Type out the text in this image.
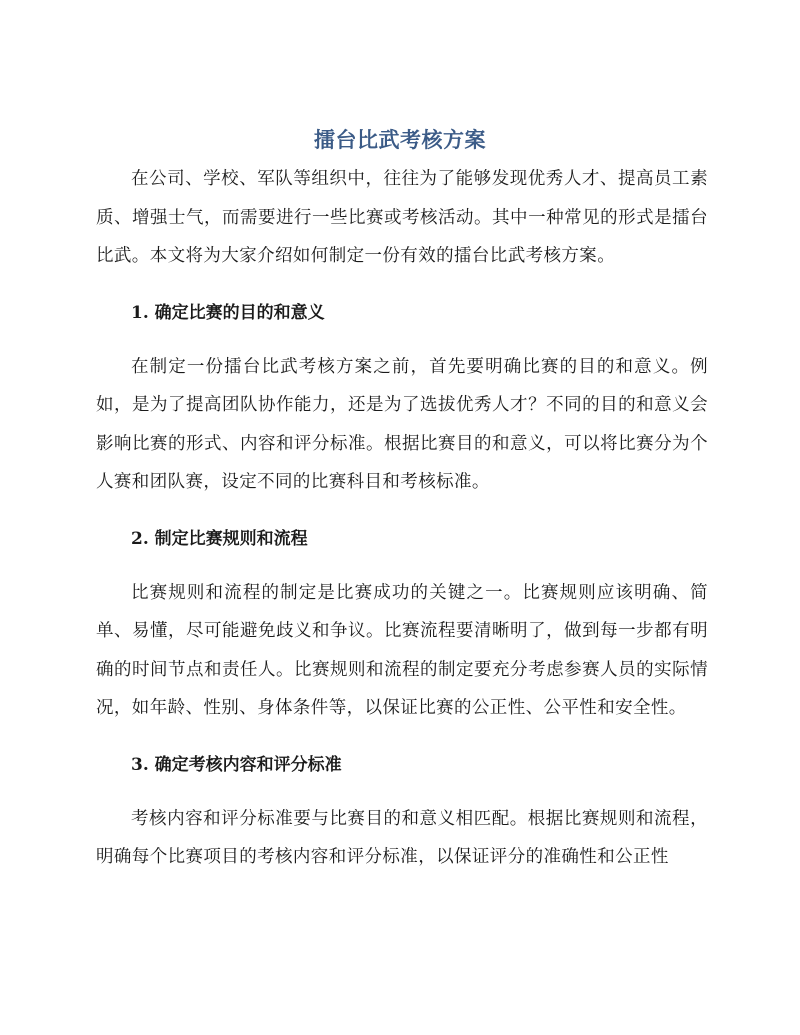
擂台比武考核方案

在公司、学校、军队等组织中，往往为了能够发现优秀人才、提高员工素质、增强士气，而需要进行一些比赛或考核活动。其中一种常见的形式是擂台比武。本文将为大家介绍如何制定一份有效的擂台比武考核方案。

1. 确定比赛的目的和意义

在制定一份擂台比武考核方案之前，首先要明确比赛的目的和意义。例如，是为了提高团队协作能力，还是为了选拔优秀人才？不同的目的和意义会影响比赛的形式、内容和评分标准。根据比赛目的和意义，可以将比赛分为个人赛和团队赛，设定不同的比赛科目和考核标准。

2. 制定比赛规则和流程

比赛规则和流程的制定是比赛成功的关键之一。比赛规则应该明确、简单、易懂，尽可能避免歧义和争议。比赛流程要清晰明了，做到每一步都有明确的时间节点和责任人。比赛规则和流程的制定要充分考虑参赛人员的实际情况，如年龄、性别、身体条件等，以保证比赛的公正性、公平性和安全性。

3. 确定考核内容和评分标准

考核内容和评分标准要与比赛目的和意义相匹配。根据比赛规则和流程，明确每个比赛项目的考核内容和评分标准，以保证评分的准确性和公正性
